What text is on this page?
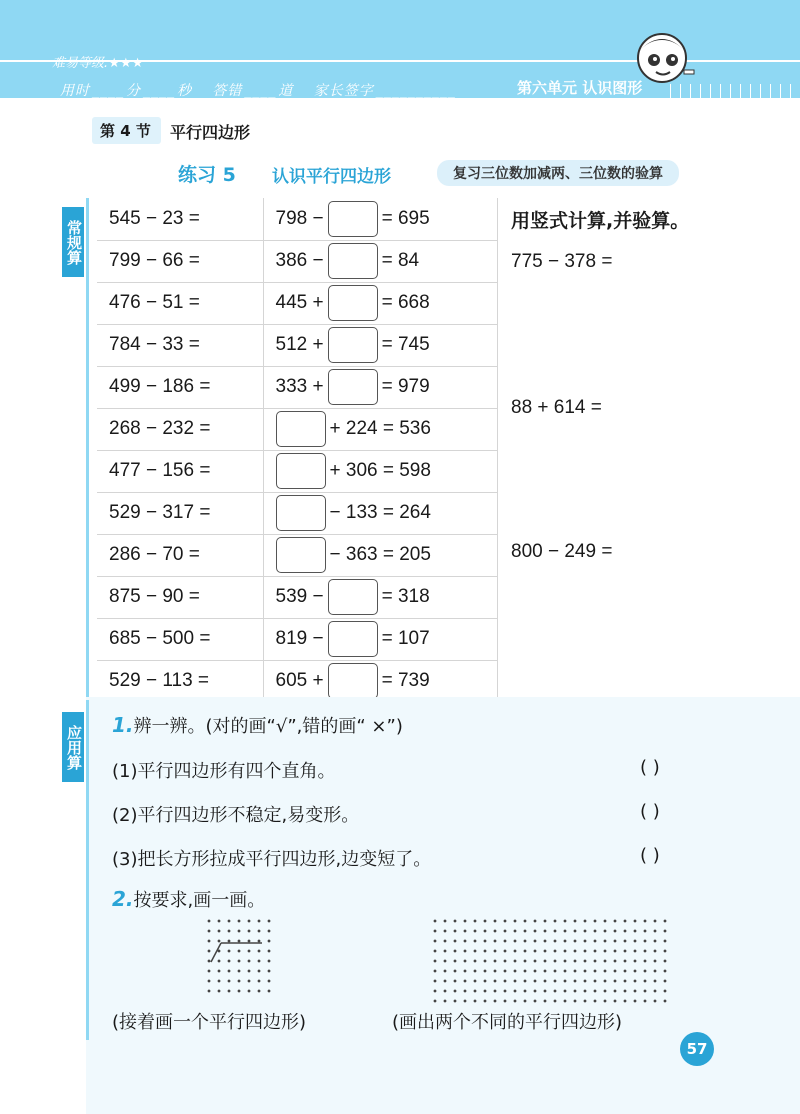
难易等级:★★★
用时 ____ 分 ____ 秒 答错 ____ 道 家长签字 __________	第六单元 认识图形
第 4 节	平行四边形
练习 5 认识平行四边形	复习三位数加减两、三位数的验算
常规算
545 − 23 =	798 − = 695
799 − 66 =	386 − = 84
476 − 51 =	445 + = 668
784 − 33 =	512 + = 745
499 − 186 =	333 + = 979
268 − 232 =	+ 224 = 536
477 − 156 =	+ 306 = 598
529 − 317 =	− 133 = 264
286 − 70 =	− 363 = 205
875 − 90 =	539 − = 318
685 − 500 =	819 − = 107
529 − 113 =	605 + = 739
用竖式计算,并验算。
775 − 378 =
88 + 614 =
800 − 249 =
应用算 1.辨一辨。(对的画“√”,错的画“ ×”)
(1)平行四边形有四个直角。	( )
(2)平行四边形不稳定,易变形。	( )
(3)把长方形拉成平行四边形,边变短了。	( )
2.按要求,画一画。
(接着画一个平行四边形)	(画出两个不同的平行四边形)
57
